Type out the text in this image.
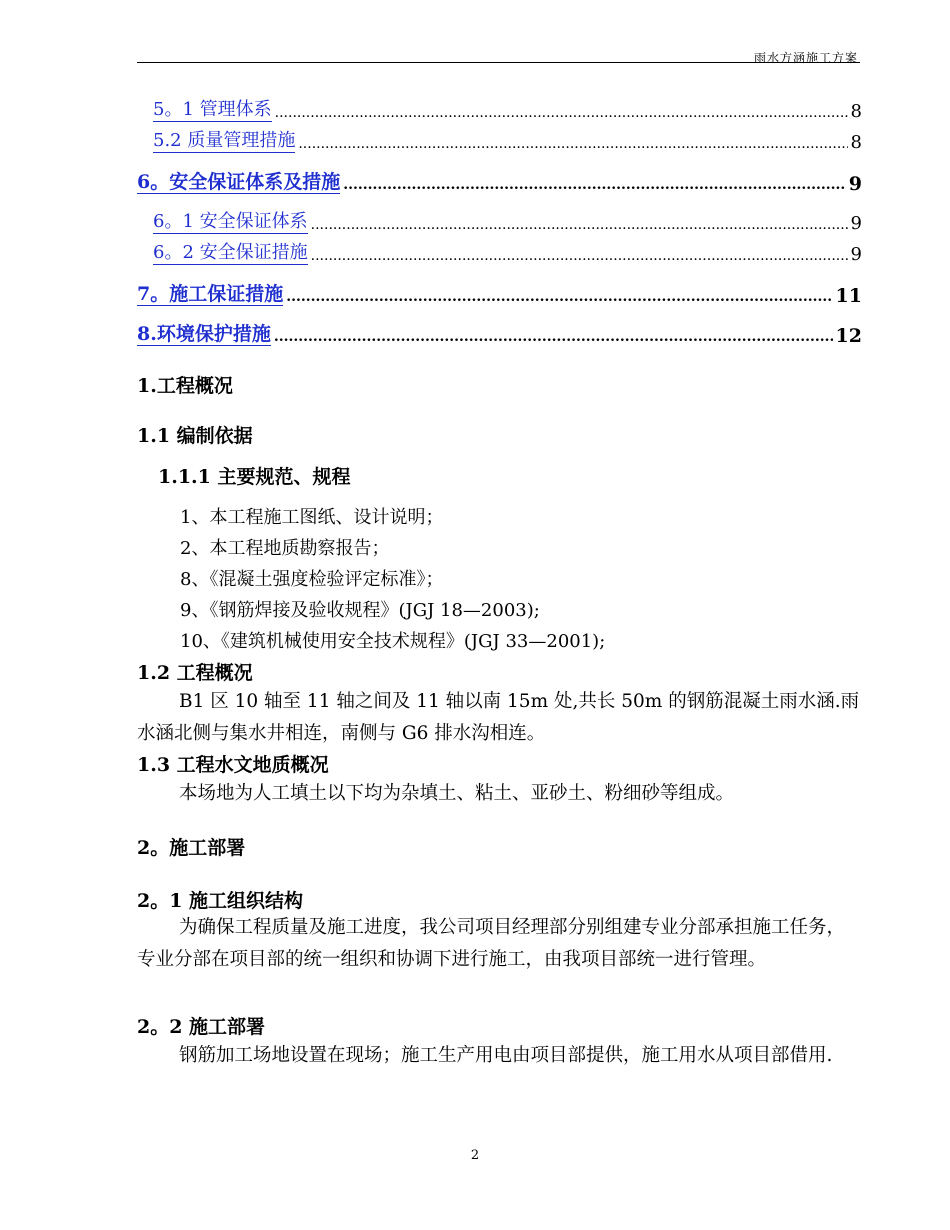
雨水方涵施工方案
5。1 管理体系 .....	8
5.2 质量管理措施 .....	8
6。安全保证体系及措施 .....	9
6。1 安全保证体系 .....	9
6。2 安全保证措施 .....	9
7。施工保证措施 .....	11
8.环境保护措施 .....	12
1.工程概况
1.1 编制依据
1.1.1 主要规范、规程
1、本工程施工图纸、设计说明；
2、本工程地质勘察报告；
8、《混凝土强度检验评定标准》；
9、《钢筋焊接及验收规程》(JGJ 18—2003);
10、《建筑机械使用安全技术规程》(JGJ 33—2001);
1.2 工程概况
B1 区 10 轴至 11 轴之间及 11 轴以南 15m 处,共长 50m 的钢筋混凝土雨水涵.雨水涵北侧与集水井相连，南侧与 G6 排水沟相连。
1.3 工程水文地质概况
本场地为人工填土以下均为杂填土、粘土、亚砂土、粉细砂等组成。
2。施工部署
2。1 施工组织结构
为确保工程质量及施工进度，我公司项目经理部分别组建专业分部承担施工任务，专业分部在项目部的统一组织和协调下进行施工，由我项目部统一进行管理。
2。2 施工部署
钢筋加工场地设置在现场；施工生产用电由项目部提供，施工用水从项目部借用.
2
